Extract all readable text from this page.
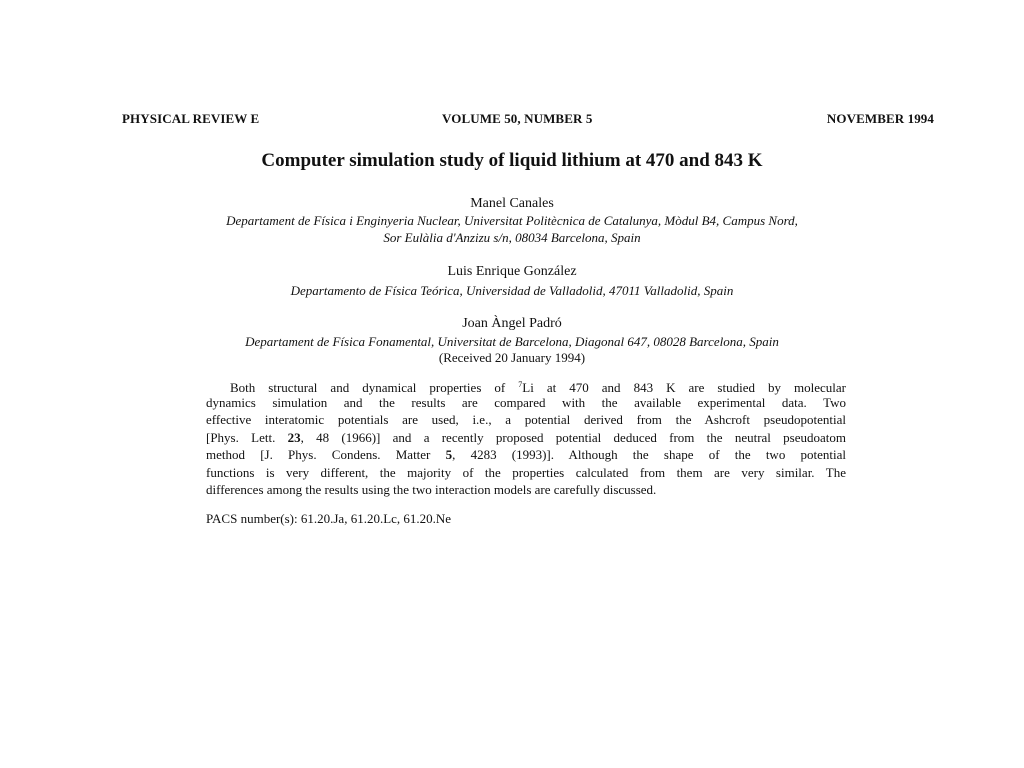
PHYSICAL REVIEW E	VOLUME 50, NUMBER 5	NOVEMBER 1994
Computer simulation study of liquid lithium at 470 and 843 K
Manel Canales
Departament de Física i Enginyeria Nuclear, Universitat Politècnica de Catalunya, Mòdul B4, Campus Nord,
Sor Eulàlia d'Anzizu s/n, 08034 Barcelona, Spain
Luis Enrique González
Departamento de Física Teórica, Universidad de Valladolid, 47011 Valladolid, Spain
Joan Àngel Padró
Departament de Física Fonamental, Universitat de Barcelona, Diagonal 647, 08028 Barcelona, Spain
(Received 20 January 1994)
Both structural and dynamical properties of $^7$Li at 470 and 843 K are studied by molecular
dynamics simulation and the results are compared with the available experimental data. Two
effective interatomic potentials are used, i.e., a potential derived from the Ashcroft pseudopotential
[Phys. Lett. 23, 48 (1966)] and a recently proposed potential deduced from the neutral pseudoatom
method [J. Phys. Condens. Matter 5, 4283 (1993)]. Although the shape of the two potential
functions is very different, the majority of the properties calculated from them are very similar. The
differences among the results using the two interaction models are carefully discussed.
PACS number(s): 61.20.Ja, 61.20.Lc, 61.20.Ne
